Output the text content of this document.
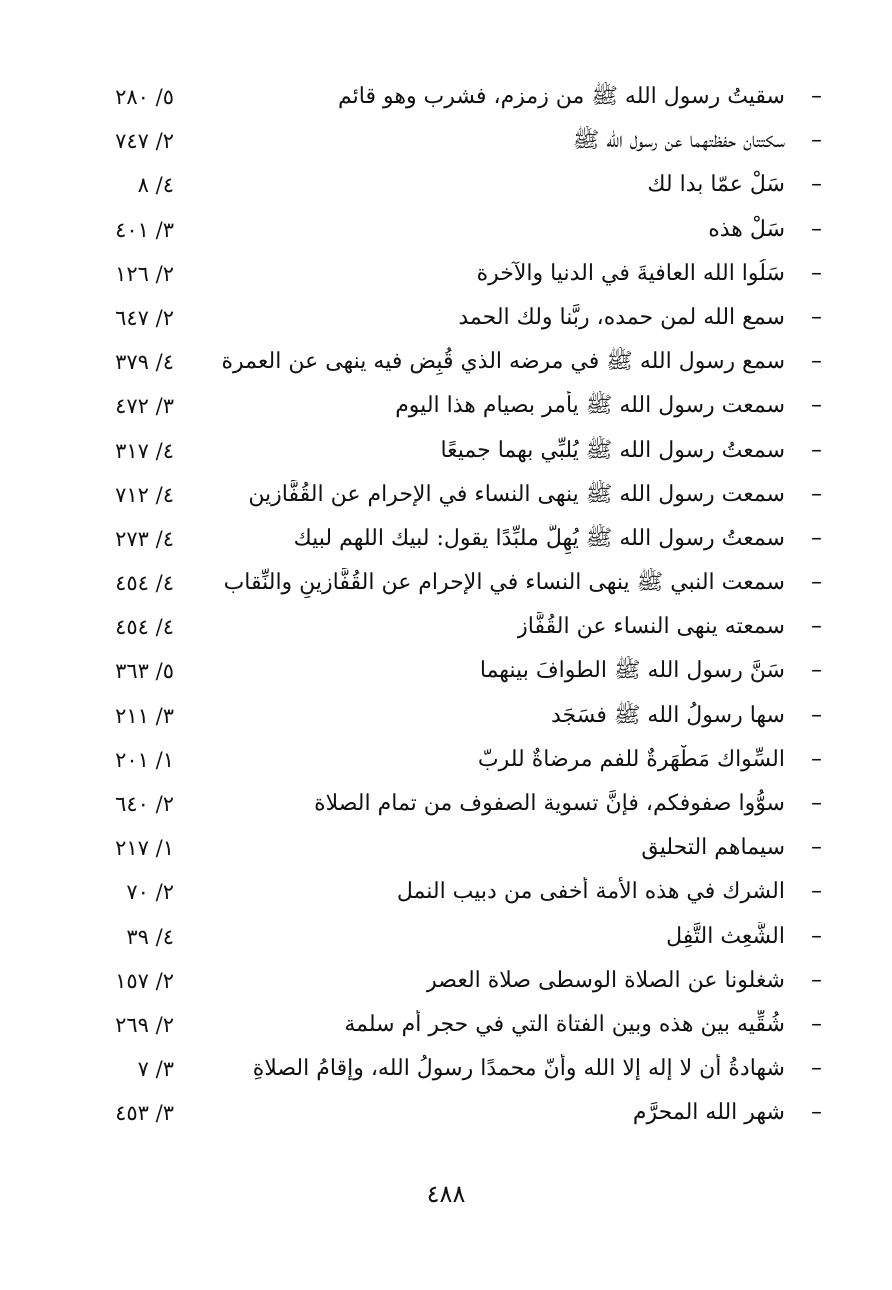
٥/ ٢٨٠	سقيتُ رسول الله ﷺ من زمزم، فشرب وهو قائم –
٢/ ٧٤٧	سكتتان حفظتهما عن رسول الله ﷺ –
٤/ ٨	سَلْ عمّا بدا لك –
٣/ ٤٠١	سَلْ هذه –
٢/ ١٢٦	سَلُوا الله العافيةَ في الدنيا والآخرة –
٢/ ٦٤٧	سمع الله لمن حمده، ربَّنا ولك الحمد –
٤/ ٣٧٩ سمع رسول الله ﷺ في مرضه الذي قُبِض فيه ينهى عن العمرة –
٣/ ٤٧٢	سمعت رسول الله ﷺ يأمر بصيام هذا اليوم –
٤/ ٣١٧	سمعتُ رسول الله ﷺ يُلبِّي بهما جميعًا –
٤/ ٧١٢	سمعت رسول الله ﷺ ينهى النساء في الإحرام عن القُفَّازين –
٤/ ٢٧٣	سمعتُ رسول الله ﷺ يُهِلُّ ملبِّدًا يقول: لبيك اللهم لبيك –
٤/ ٤٥٤ سمعت النبي ﷺ ينهى النساء في الإحرام عن القُفَّازينِ والنِّقاب –
٤/ ٤٥٤	سمعته ينهى النساء عن القُفَّاز –
٥/ ٣٦٣	سَنَّ رسول الله ﷺ الطوافَ بينهما –
٣/ ٢١١	سها رسولُ الله ﷺ فسَجَد –
١/ ٢٠١	السِّواك مَطْهَرةٌ للفم مرضاةٌ للربّ –
٢/ ٦٤٠	سوُّوا صفوفكم، فإنَّ تسوية الصفوف من تمام الصلاة –
١/ ٢١٧	سيماهم التحليق –
٢/ ٧٠	الشرك في هذه الأمة أخفى من دبيب النمل –
٤/ ٣٩	الشَّعِث التَّفِل –
٢/ ١٥٧	شغلونا عن الصلاة الوسطى صلاة العصر –
٢/ ٢٦٩	شُقِّيه بين هذه وبين الفتاة التي في حجر أم سلمة –
٣/ ٧	شهادةُ أن لا إله إلا الله وأنّ محمدًا رسولُ الله، وإقامُ الصلاةِ –
٣/ ٤٥٣	شهر الله المحرَّم –
٤٨٨
